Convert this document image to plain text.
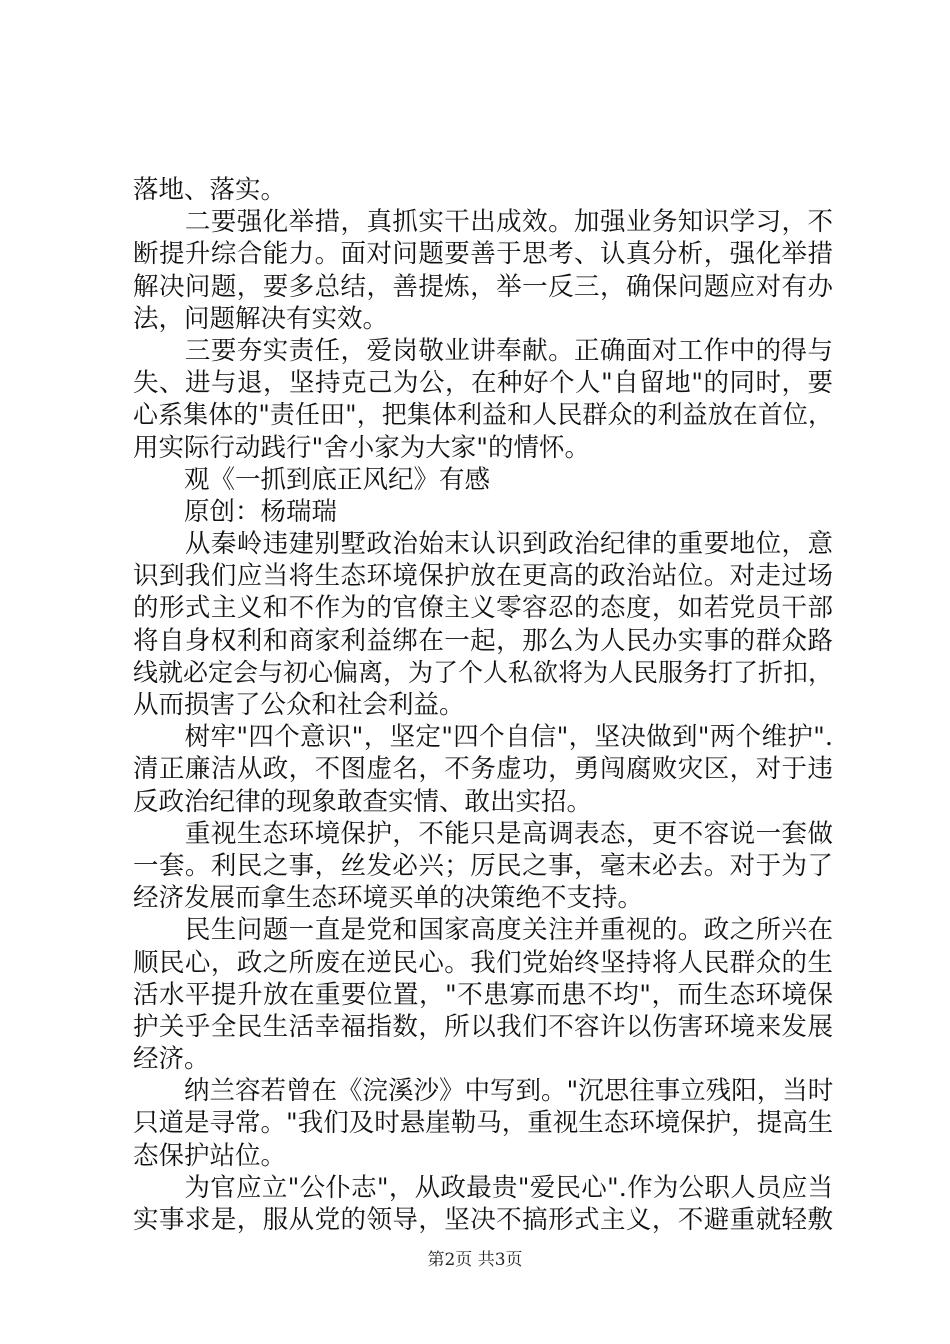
落地、落实。
　　二要强化举措，真抓实干出成效。加强业务知识学习，不
断提升综合能力。面对问题要善于思考、认真分析，强化举措
解决问题，要多总结，善提炼，举一反三，确保问题应对有办
法，问题解决有实效。
　　三要夯实责任，爱岗敬业讲奉献。正确面对工作中的得与
失、进与退，坚持克己为公，在种好个人"自留地"的同时，要
心系集体的"责任田"，把集体利益和人民群众的利益放在首位，
用实际行动践行"舍小家为大家"的情怀。
　　观《一抓到底正风纪》有感
　　原创：杨瑞瑞
　　从秦岭违建别墅政治始末认识到政治纪律的重要地位，意
识到我们应当将生态环境保护放在更高的政治站位。对走过场
的形式主义和不作为的官僚主义零容忍的态度，如若党员干部
将自身权利和商家利益绑在一起，那么为人民办实事的群众路
线就必定会与初心偏离，为了个人私欲将为人民服务打了折扣，
从而损害了公众和社会利益。
　　树牢"四个意识"，坚定"四个自信"，坚决做到"两个维护".
清正廉洁从政，不图虚名，不务虚功，勇闯腐败灾区，对于违
反政治纪律的现象敢查实情、敢出实招。
　　重视生态环境保护，不能只是高调表态，更不容说一套做
一套。利民之事，丝发必兴；厉民之事，毫末必去。对于为了
经济发展而拿生态环境买单的决策绝不支持。
　　民生问题一直是党和国家高度关注并重视的。政之所兴在
顺民心，政之所废在逆民心。我们党始终坚持将人民群众的生
活水平提升放在重要位置，"不患寡而患不均"，而生态环境保
护关乎全民生活幸福指数，所以我们不容许以伤害环境来发展
经济。
　　纳兰容若曾在《浣溪沙》中写到。"沉思往事立残阳，当时
只道是寻常。"我们及时悬崖勒马，重视生态环境保护，提高生
态保护站位。
　　为官应立"公仆志"，从政最贵"爱民心".作为公职人员应当
实事求是，服从党的领导，坚决不搞形式主义，不避重就轻敷
第2页 共3页
